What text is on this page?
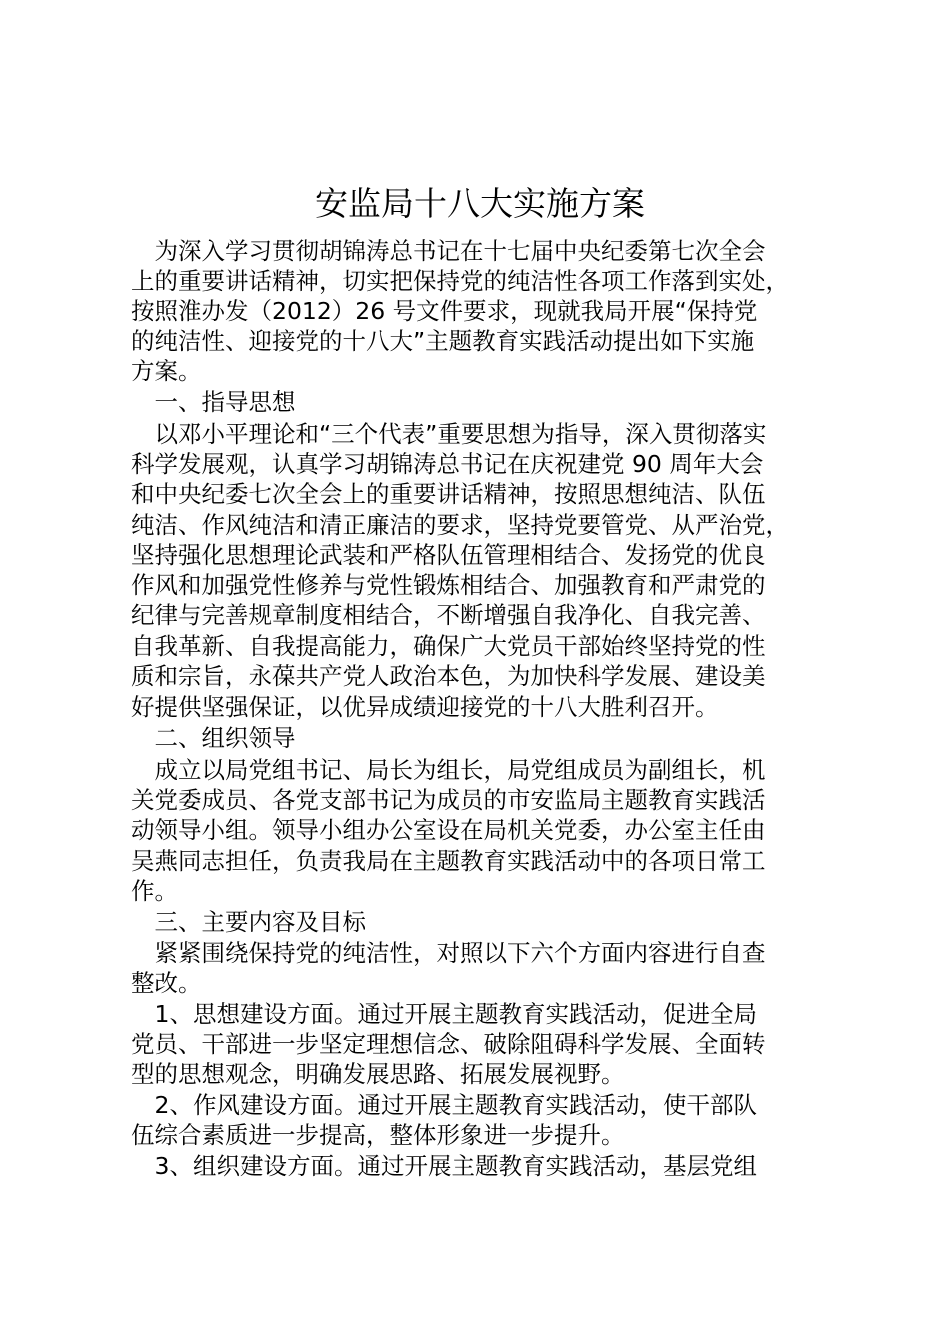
安监局十八大实施方案
　为深入学习贯彻胡锦涛总书记在十七届中央纪委第七次全会
上的重要讲话精神，切实把保持党的纯洁性各项工作落到实处，
按照淮办发（2012）26 号文件要求，现就我局开展“保持党
的纯洁性、迎接党的十八大”主题教育实践活动提出如下实施
方案。
　一、指导思想
　以邓小平理论和“三个代表”重要思想为指导，深入贯彻落实
科学发展观，认真学习胡锦涛总书记在庆祝建党 90 周年大会
和中央纪委七次全会上的重要讲话精神，按照思想纯洁、队伍
纯洁、作风纯洁和清正廉洁的要求，坚持党要管党、从严治党，
坚持强化思想理论武装和严格队伍管理相结合、发扬党的优良
作风和加强党性修养与党性锻炼相结合、加强教育和严肃党的
纪律与完善规章制度相结合，不断增强自我净化、自我完善、
自我革新、自我提高能力，确保广大党员干部始终坚持党的性
质和宗旨，永葆共产党人政治本色，为加快科学发展、建设美
好提供坚强保证，以优异成绩迎接党的十八大胜利召开。
　二、组织领导
　成立以局党组书记、局长为组长，局党组成员为副组长，机
关党委成员、各党支部书记为成员的市安监局主题教育实践活
动领导小组。领导小组办公室设在局机关党委，办公室主任由
吴燕同志担任，负责我局在主题教育实践活动中的各项日常工
作。
　三、主要内容及目标
　紧紧围绕保持党的纯洁性，对照以下六个方面内容进行自查
整改。
　1、思想建设方面。通过开展主题教育实践活动，促进全局
党员、干部进一步坚定理想信念、破除阻碍科学发展、全面转
型的思想观念，明确发展思路、拓展发展视野。
　2、作风建设方面。通过开展主题教育实践活动，使干部队
伍综合素质进一步提高，整体形象进一步提升。
　3、组织建设方面。通过开展主题教育实践活动，基层党组
